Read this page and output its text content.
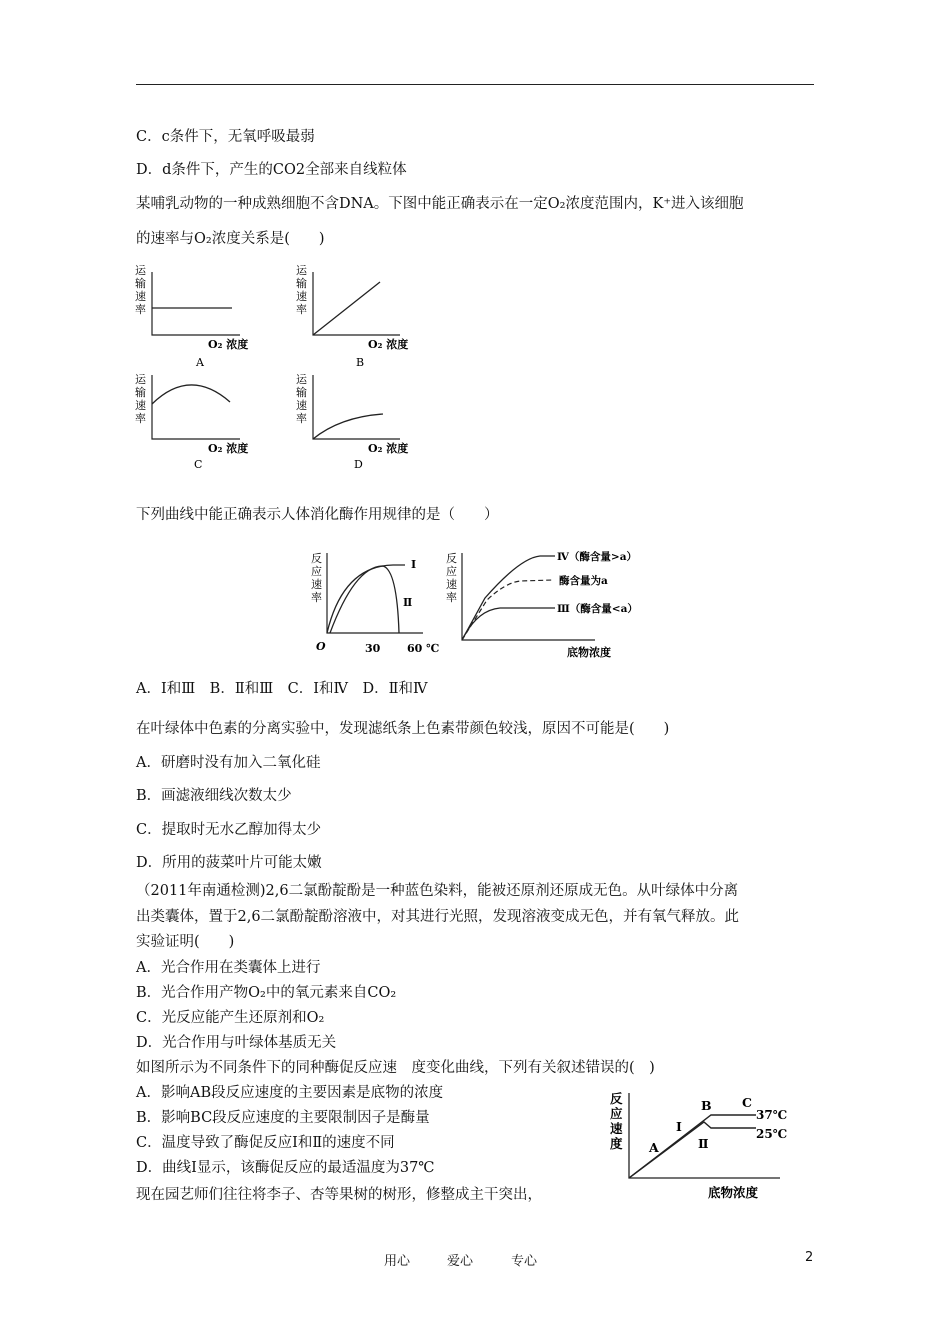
C．c条件下，无氧呼吸最弱
D．d条件下，产生的CO2全部来自线粒体
某哺乳动物的一种成熟细胞不含DNA。下图中能正确表示在一定O₂浓度范围内，K⁺进入该细胞
的速率与O₂浓度关系是(　　)
运
输
速
率
O₂ 浓度
A
运
输
速
率
O₂ 浓度
B
运
输
速
率
O₂ 浓度
C
运
输
速
率
O₂ 浓度
D
下列曲线中能正确表示人体消化酶作用规律的是（　　）
反
应
速
率
Ⅰ
Ⅱ
O	30 60 ℃
反
应
速
率
Ⅳ（酶含量>a）
酶含量为a
Ⅲ（酶含量<a）
底物浓度
A．Ⅰ和Ⅲ　B．Ⅱ和Ⅲ　C．Ⅰ和Ⅳ　D．Ⅱ和Ⅳ
在叶绿体中色素的分离实验中，发现滤纸条上色素带颜色较浅，原因不可能是(　　)
A．研磨时没有加入二氧化硅
B．画滤液细线次数太少
C．提取时无水乙醇加得太少
D．所用的菠菜叶片可能太嫩
（2011年南通检测)2,6二氯酚靛酚是一种蓝色染料，能被还原剂还原成无色。从叶绿体中分离
出类囊体，置于2,6二氯酚靛酚溶液中，对其进行光照，发现溶液变成无色，并有氧气释放。此
实验证明(　　)
A．光合作用在类囊体上进行
B．光合作用产物O₂中的氧元素来自CO₂
C．光反应能产生还原剂和O₂
D．光合作用与叶绿体基质无关
如图所示为不同条件下的同种酶促反应速　度变化曲线，下列有关叙述错误的(　)
A．影响AB段反应速度的主要因素是底物的浓度
B．影响BC段反应速度的主要限制因子是酶量
C．温度导致了酶促反应Ⅰ和Ⅱ的速度不同
D．曲线Ⅰ显示，该酶促反应的最适温度为37℃
现在园艺师们往往将李子、杏等果树的树形，修整成主干突出，
反
应
速
度 A
B C
Ⅰ
Ⅱ
37℃
25℃
底物浓度
用心	爱心	专心	2
